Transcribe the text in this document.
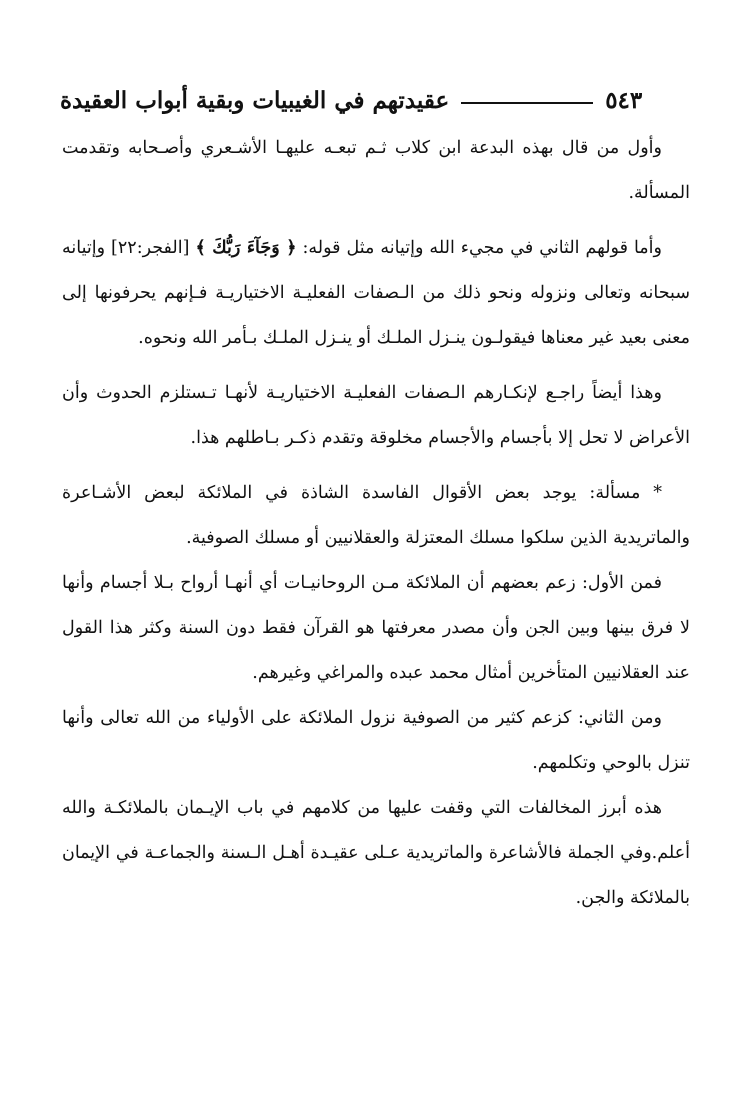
عقيدتهم في الغيبيات وبقية أبواب العقيدة	٥٤٣

وأول من قال بهذه البدعة ابن كلاب ثـم تبعـه عليهـا الأشـعري وأصـحابه وتقدمت المسألة.

وأما قولهم الثاني في مجيء الله وإتيانه مثل قوله: ﴿ وَجَآءَ رَبُّكَ ﴾ [الفجر:٢٢] وإتيانه سبحانه وتعالى ونزوله ونحو ذلك من الـصفات الفعليـة الاختياريـة فـإنهم يحرفونها إلى معنى بعيد غير معناها فيقولـون ينـزل الملـك أو ينـزل الملـك بـأمر الله ونحوه.

وهذا أيضاً راجـع لإنكـارهم الـصفات الفعليـة الاختياريـة لأنهـا تـستلزم الحدوث وأن الأعراض لا تحل إلا بأجسام والأجسام مخلوقة وتقدم ذكـر بـاطلهم هذا.

* مسألة: يوجد بعض الأقوال الفاسدة الشاذة في الملائكة لبعض الأشـاعرة والماتريدية الذين سلكوا مسلك المعتزلة والعقلانيين أو مسلك الصوفية.

فمن الأول: زعم بعضهم أن الملائكة مـن الروحانيـات أي أنهـا أرواح بـلا أجسام وأنها لا فرق بينها وبين الجن وأن مصدر معرفتها هو القرآن فقط دون السنة وكثر هذا القول عند العقلانيين المتأخرين أمثال محمد عبده والمراغي وغيرهم.

ومن الثاني: كزعم كثير من الصوفية نزول الملائكة على الأولياء من الله تعالى وأنها تنزل بالوحي وتكلمهم.

هذه أبرز المخالفات التي وقفت عليها من كلامهم في باب الإيـمان بالملائكـة والله أعلم.وفي الجملة فالأشاعرة والماتريدية عـلى عقيـدة أهـل الـسنة والجماعـة في الإيمان بالملائكة والجن.
